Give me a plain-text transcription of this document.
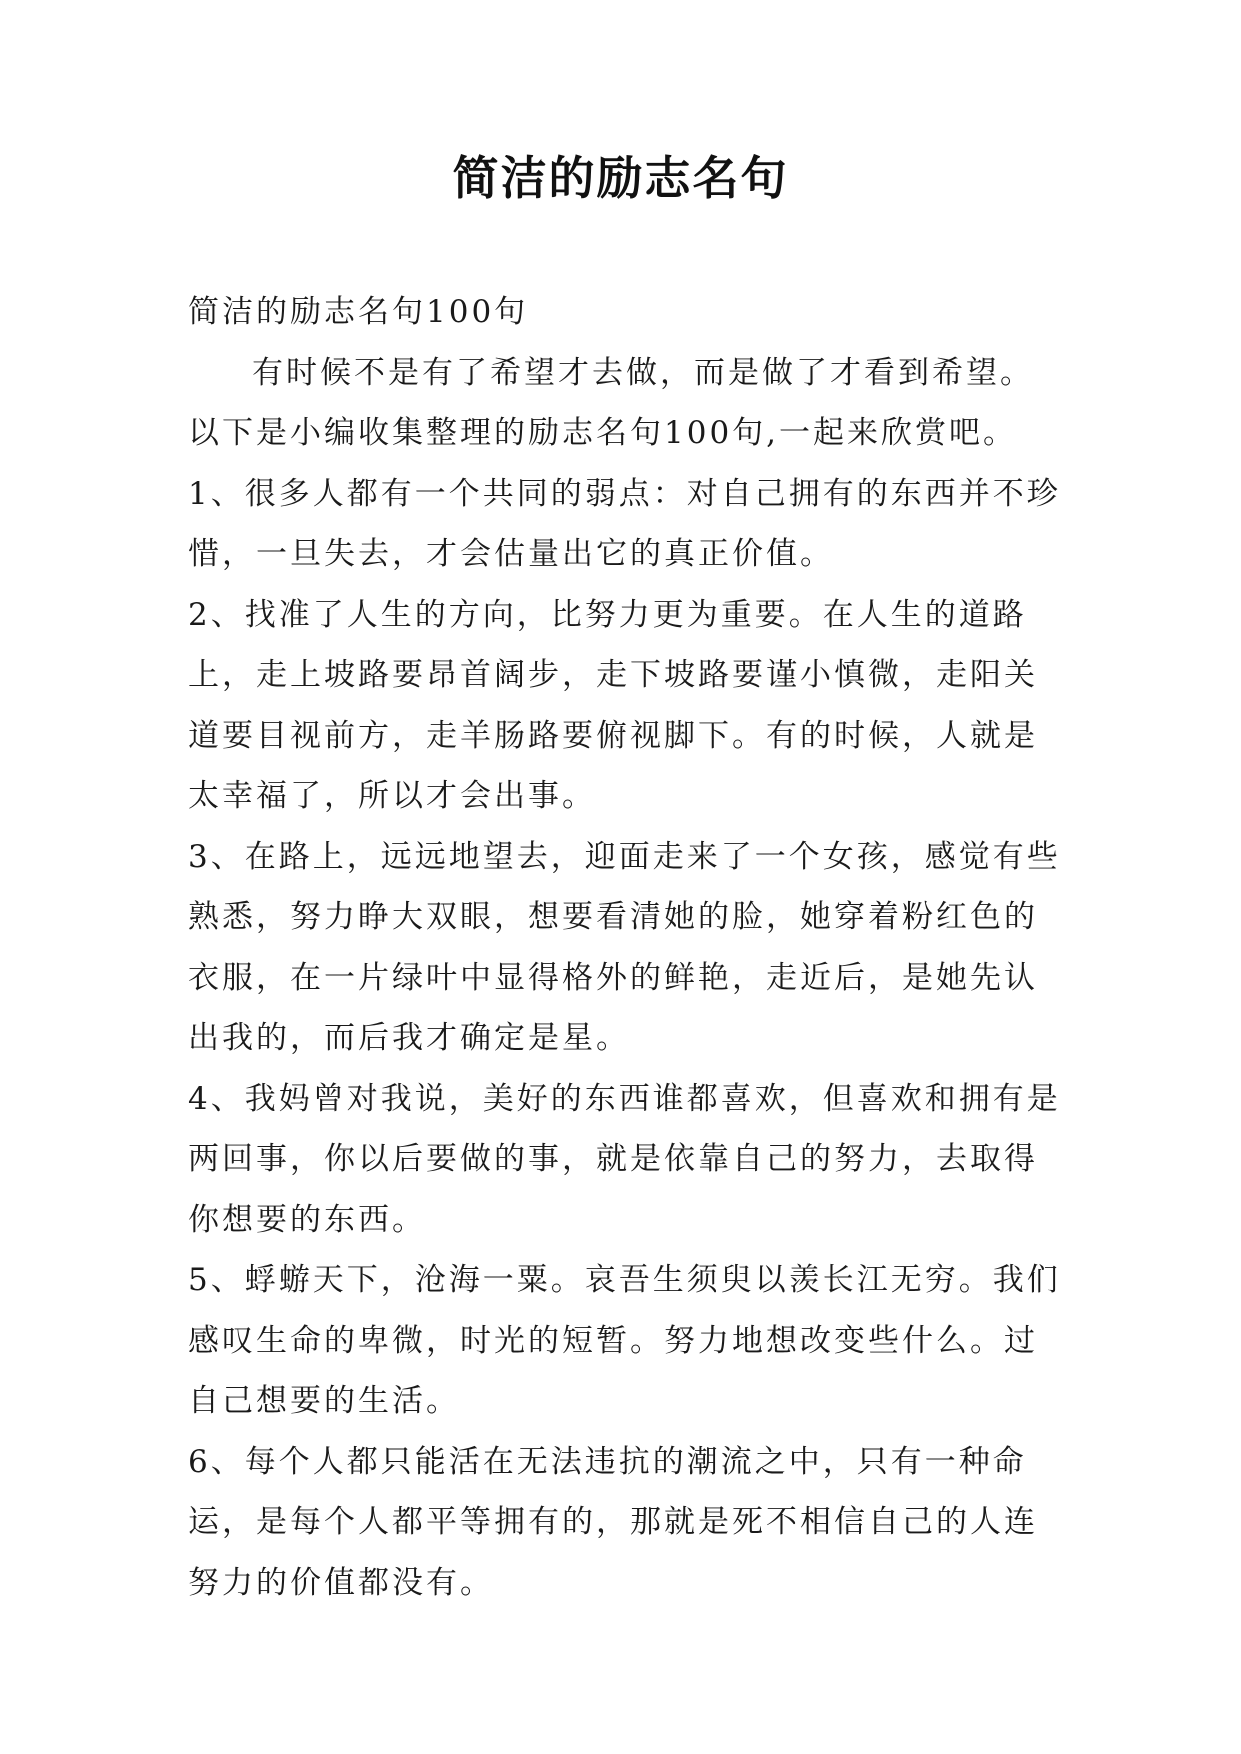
简洁的励志名句

简洁的励志名句100句

有时候不是有了希望才去做，而是做了才看到希望。以下是小编收集整理的励志名句100句,一起来欣赏吧。

1、很多人都有一个共同的弱点：对自己拥有的东西并不珍惜，一旦失去，才会估量出它的真正价值。

2、找准了人生的方向，比努力更为重要。在人生的道路上，走上坡路要昂首阔步，走下坡路要谨小慎微，走阳关道要目视前方，走羊肠路要俯视脚下。有的时候，人就是太幸福了，所以才会出事。

3、在路上，远远地望去，迎面走来了一个女孩，感觉有些熟悉，努力睁大双眼，想要看清她的脸，她穿着粉红色的衣服，在一片绿叶中显得格外的鲜艳，走近后，是她先认出我的，而后我才确定是星。

4、我妈曾对我说，美好的东西谁都喜欢，但喜欢和拥有是两回事，你以后要做的事，就是依靠自己的努力，去取得你想要的东西。

5、蜉蝣天下，沧海一粟。哀吾生须臾以羡长江无穷。我们感叹生命的卑微，时光的短暂。努力地想改变些什么。过自己想要的生活。

6、每个人都只能活在无法违抗的潮流之中，只有一种命运，是每个人都平等拥有的，那就是死不相信自己的人连努力的价值都没有。
